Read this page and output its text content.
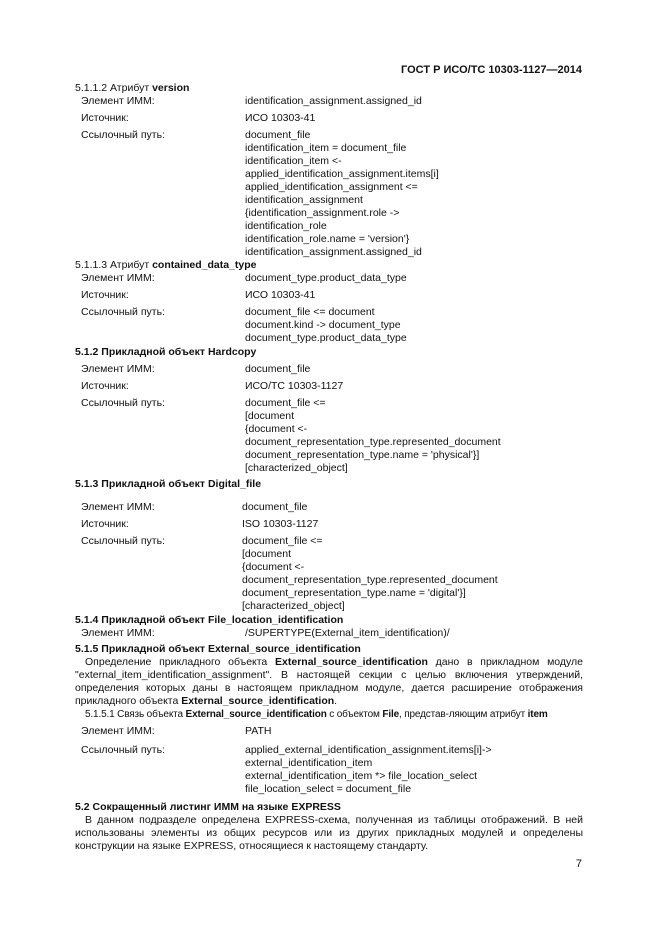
ГОСТ Р ИСО/ТС 10303-1127—2014
5.1.1.2 Атрибут version
Элемент ИММ:	identification_assignment.assigned_id
Источник:	ИСО 10303-41
Ссылочный путь:	document_file
identification_item = document_file
identification_item <-
applied_identification_assignment.items[i]
applied_identification_assignment <=
identification_assignment
{identification_assignment.role ->
identification_role
identification_role.name = 'version'}
identification_assignment.assigned_id
5.1.1.3 Атрибут contained_data_type
Элемент ИММ:	document_type.product_data_type
Источник:	ИСО 10303-41
Ссылочный путь:	document_file <= document
document.kind -> document_type
document_type.product_data_type
5.1.2 Прикладной объект Hardcopy
Элемент ИММ:	document_file
Источник:	ИСО/ТС 10303-1127
Ссылочный путь:	document_file <=
[document
{document <-
document_representation_type.represented_document
document_representation_type.name = 'physical'}]
[characterized_object]
5.1.3 Прикладной объект Digital_file
Элемент ИММ:	document_file
Источник:	ISO 10303-1127
Ссылочный путь:	document_file <=
[document
{document <-
document_representation_type.represented_document
document_representation_type.name = 'digital'}]
[characterized_object]
5.1.4 Прикладной объект File_location_identification
Элемент ИММ:	/SUPERTYPE(External_item_identification)/
5.1.5 Прикладной объект External_source_identification

Определение прикладного объекта External_source_identification дано в прикладном модуле "external_item_identification_assignment". В настоящей секции с целью включения утверждений, определения которых даны в настоящем прикладном модуле, дается расширение отображения прикладного объекта External_source_identification.

5.1.5.1 Связь объекта External_source_identification с объектом File, представ-ляющим атрибут item
Элемент ИММ:	PATH
Ссылочный путь:	applied_external_identification_assignment.items[i]->
external_identification_item
external_identification_item *> file_location_select
file_location_select = document_file
5.2 Сокращенный листинг ИММ на языке EXPRESS

В данном подразделе определена EXPRESS-схема, полученная из таблицы отображений. В ней использованы элементы из общих ресурсов или из других прикладных модулей и определены конструкции на языке EXPRESS, относящиеся к настоящему стандарту.

7
